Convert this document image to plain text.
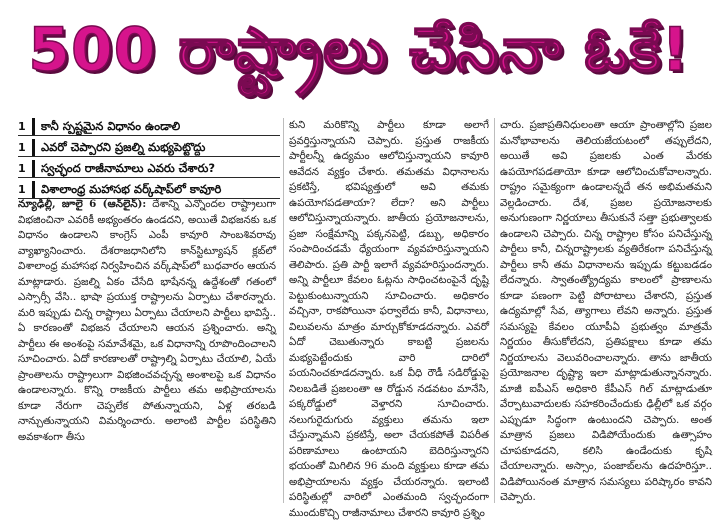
500 రాష్ట్రాలు చేసినా ఓకే!
1	కానీ స్పష్టమైన విధానం ఉండాలి
1	ఎవరో చెప్పారని ప్రజల్ని మభ్యపెట్టొద్దు
1	స్వచ్ఛంద రాజీనామాలు ఎవరు చేశారు?
1	విశాలాంధ్ర మహాసభ వర్క్‌షాప్‌లో కావూరి
న్యూఢిల్లీ, జూలై 6 (ఆన్‌లైన్): దేశాన్ని ఎన్నొందల రాష్ట్రాలుగా విభజించినా ఎవరికీ అభ్యంతరం ఉండదని, అయితే విభజనకు ఒక విధానం ఉండాలని కాంగ్రెస్ ఎంపీ కావూరి సాంబశివరావు వ్యాఖ్యానించారు. దేశరాజధానిలోని కాన్‌స్టిట్యూషన్ క్లబ్‌లో విశాలాంధ్ర మహాసభ నిర్వహించిన వర్క్‌షాప్‌లో బుధవారం ఆయన మాట్లాడారు. ప్రజల్ని ఏకం చేసేది భాషేనన్న ఉద్దేశంతో గతంలో ఎస్సార్సీ వేసి.. భాషా ప్రయుక్త రాష్ట్రాలను ఏర్పాటు చేశారన్నారు. మరి ఇప్పుడు చిన్న రాష్ట్రాలు ఏర్పాటు చేయాలని పార్టీలు భావిస్తే.. ఏ కారణంతో విభజన చేయాలని ఆయన ప్రశ్నించారు. అన్ని పార్టీలు ఈ అంశంపై సమావేశమై, ఒక విధానాన్ని రూపొందించాలని సూచించారు. ఏదో కారణాలతో రాష్ట్రాల్ని ఏర్పాటు చేయాలి, ఏయే ప్రాంతాలను రాష్ట్రాలుగా విభజించవచ్చన్న అంశాలపై ఒక విధానం ఉండాలన్నారు. కొన్ని రాజకీయ పార్టీలు తమ అభిప్రాయాలను కూడా నేరుగా చెప్పలేక పోతున్నాయని, ఏళ్ల తరబడి నాన్చుతున్నాయని విమర్శించారు. అలాంటి పార్టీల పరిస్థితిని అవకాశంగా తీసు
కుని మరికొన్ని పార్టీలు కూడా అలాగే ప్రవర్తిస్తున్నాయని చెప్పారు. ప్రస్తుత రాజకీయ పార్టీలన్నీ ఉద్యమం ఆలోచిస్తున్నాయని కావూరి ఆవేదన వ్యక్తం చేశారు. తమతమ విధానాలను ప్రకటిస్తే, భవిష్యత్తులో అవి తమకు ఉపయోగపడతాయా? లేదా? అని పార్టీలు ఆలోచిస్తున్నాయన్నారు. జాతీయ ప్రయోజనాలను, ప్రజా సంక్షేమాన్ని పక్కనపెట్టి, డబ్బు, అధికారం సంపాదించడమే ధ్యేయంగా వ్యవహరిస్తున్నాయని తెలిపారు. ప్రతి పార్టీ ఇలాగే వ్యవహరిస్తుందన్నారు. అన్ని పార్టీలూ కేవలం ఓట్లను సాధించటంపైనే దృష్టి పెట్టుకుంటున్నాయని సూచించారు. అధికారం వచ్చినా, రాకపోయినా ఫర్వాలేదు కానీ, విధానాలు, విలువలను మాత్రం మార్చుకోకూడదన్నారు. ఎవరో ఏదో చెబుతున్నారు కాబట్టి ప్రజలను మభ్యపెట్టేందుకు వారి దారిలో పయనించకూడదన్నారు. ఒక వీధి రౌడీ సడిరోడ్డుపై నిలబడితే ప్రజలంతా ఆ రోడ్డున నడవటం మానేసి, పక్కరోడ్డులో వెళ్తారని సూచించారు. నలుగురైదుగురు వ్యక్తులు తమను ఇలా చేస్తున్నామని ప్రకటిస్తే, అలా చేయకపోతే విపరీత పరిణామాలు ఉంటాయని బెదిరిస్తున్నారని భయంతో మిగిలిన 96 మంది వ్యక్తులు కూడా తమ అభిప్రాయాలను వ్యక్తం చేయరన్నారు. ఇలాంటి పరిస్థితుల్లో వారిలో ఎంతమంది స్వచ్ఛందంగా ముందుకొచ్చి రాజీనామాలు చేశారని కావూరి ప్రశ్నిం
చారు. ప్రజాప్రతినిధులంతా ఆయా ప్రాంతాల్లోని ప్రజల మనోభావాలను తెలియజేయటంలో తప్పులేదని, అయితే అవి ప్రజలకు ఎంత మేరకు ఉపయోగపడతాయో కూడా ఆలోచించుకోవాలన్నారు. రాష్ట్రం సమైక్యంగా ఉండాలన్నదే తన అభిమతమని వెల్లడించారు. దేశ, ప్రజల ప్రయోజనాలకు అనుగుణంగా నిర్ణయాలు తీసుకునే సత్తా ప్రభుత్వాలకు ఉండాలని చెప్పారు. చిన్న రాష్ట్రాల కోసం పనిచేస్తున్న పార్టీలు కానీ, చిన్నరాష్ట్రాలకు వ్యతిరేకంగా పనిచేస్తున్న పార్టీలు కానీ తమ విధానాలను ఇప్పుడు కట్టుబడడం లేదన్నారు. స్వాతంత్య్రోద్యమ కాలంలో ప్రాణాలను కూడా పణంగా పెట్టి పోరాటాలు చేశారని, ప్రస్తుత ఉద్యమాల్లో సేవ, త్యాగాలు లేవని అన్నారు. ప్రస్తుత సమస్యపై కేవలం యూపీఏ ప్రభుత్వం మాత్రమే నిర్ణయం తీసుకోలేదని, ప్రతిపక్షాలు కూడా తమ నిర్ణయాలను వెలువరించాలన్నారు. తాను జాతీయ ప్రయోజనాల దృష్ట్యా ఇలా మాట్లాడుతున్నానన్నారు. మాజీ ఐపీఎస్ అధికారి కేపీఎస్ గిల్ మాట్లాడుతూ వేర్పాటువాదులకు సహకరించేందుకు ఢిల్లీలో ఒక వర్గం ఎప్పుడూ సిద్ధంగా ఉంటుందని చెప్పారు. అంత మాత్రాన ప్రజలు విడిపోయేందుకు ఉత్సాహం చూపకూడదని, కలిసి ఉండేందుకు కృషి చేయాలన్నారు. అస్సాం, పంజాబ్‌లను ఉదహరిస్తూ.. విడిపోయినంత మాత్రాన సమస్యలు పరిష్కారం కావని చెప్పారు.
